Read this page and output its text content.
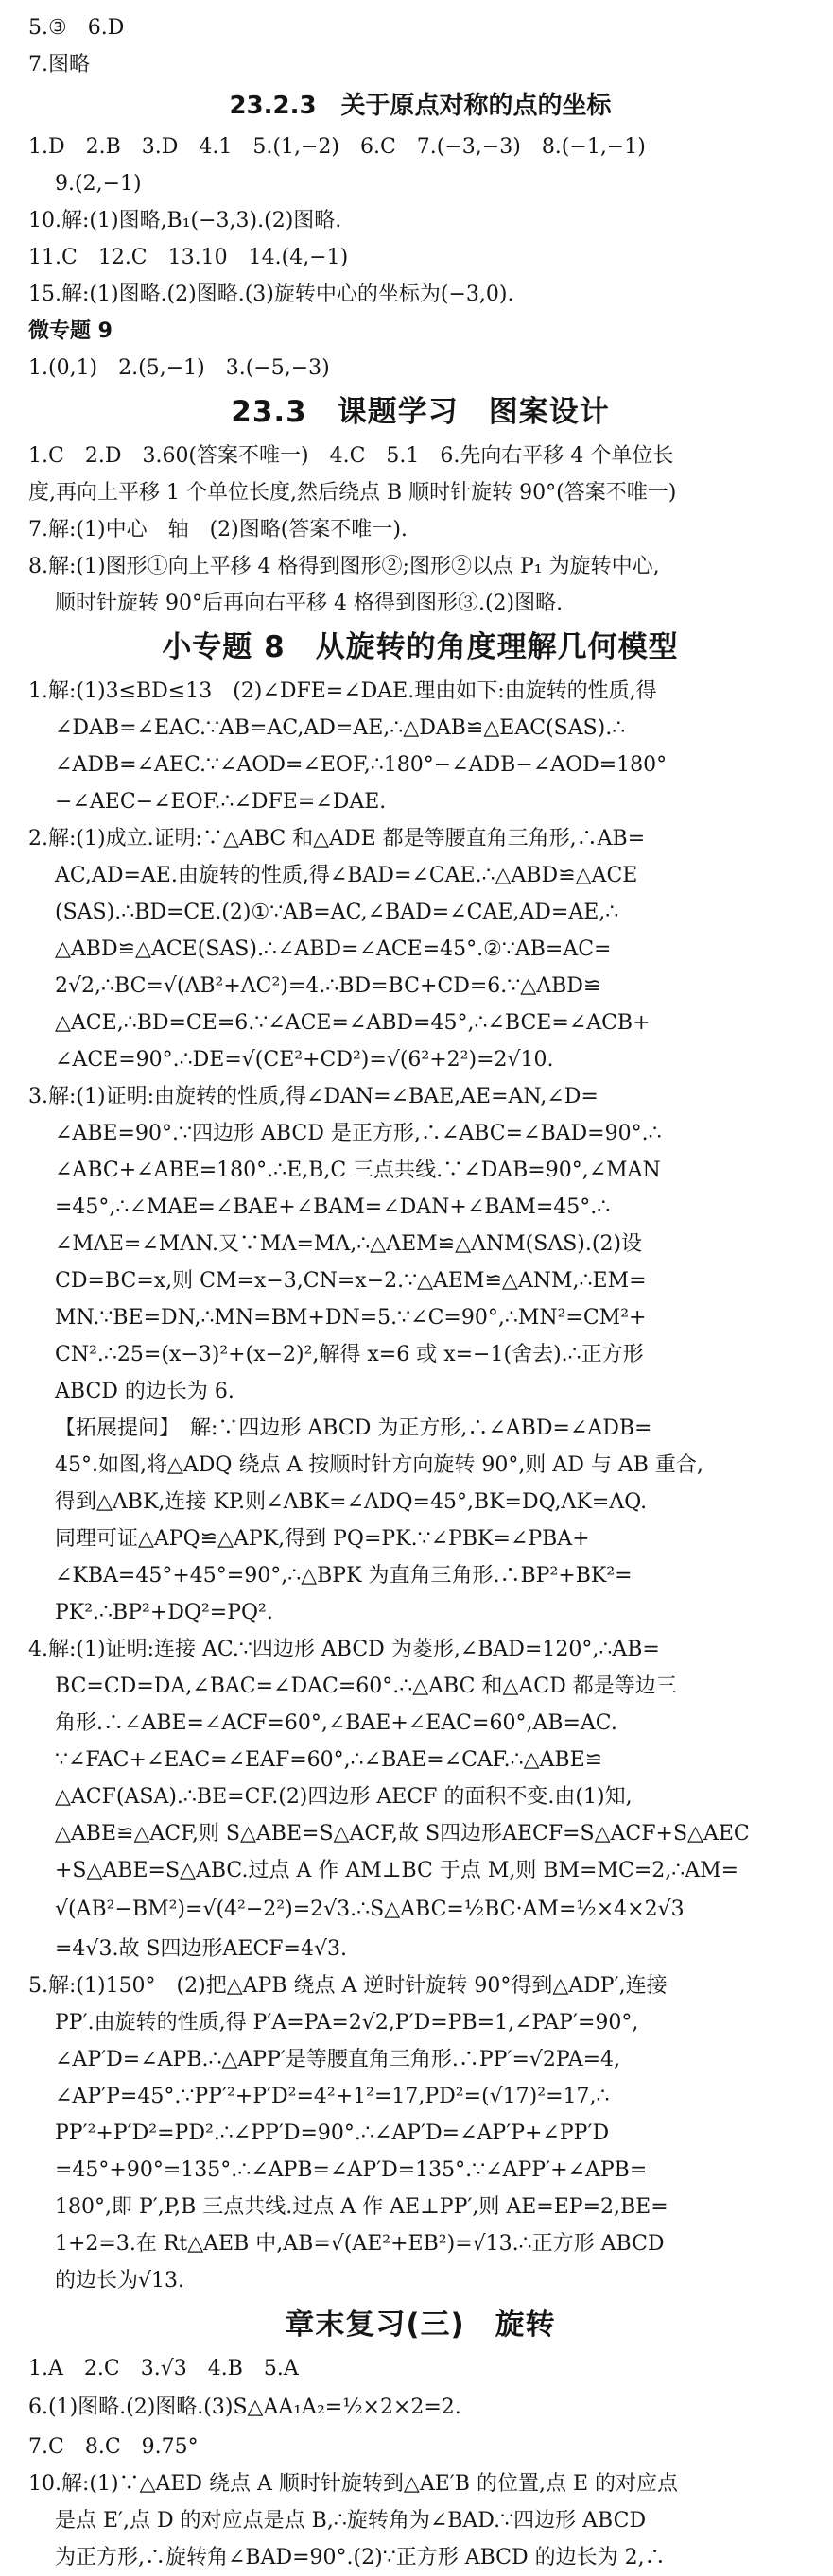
5.③　6.D
7.图略
23.2.3　关于原点对称的点的坐标
1.D　2.B　3.D　4.1　5.(1,−2)　6.C　7.(−3,−3)　8.(−1,−1)
9.(2,−1)
10.解:(1)图略,B₁(−3,3).(2)图略.
11.C　12.C　13.10　14.(4,−1)
15.解:(1)图略.(2)图略.(3)旋转中心的坐标为(−3,0).
微专题 9
1.(0,1)　2.(5,−1)　3.(−5,−3)
23.3　课题学习　图案设计
1.C　2.D　3.60(答案不唯一)　4.C　5.1　6.先向右平移 4 个单位长
度,再向上平移 1 个单位长度,然后绕点 B 顺时针旋转 90°(答案不唯一)
7.解:(1)中心　轴　(2)图略(答案不唯一).
8.解:(1)图形①向上平移 4 格得到图形②;图形②以点 P₁ 为旋转中心,
顺时针旋转 90°后再向右平移 4 格得到图形③.(2)图略.
小专题 8　从旋转的角度理解几何模型
1.解:(1)3≤BD≤13　(2)∠DFE=∠DAE.理由如下:由旋转的性质,得
∠DAB=∠EAC.∵AB=AC,AD=AE,∴△DAB≌△EAC(SAS).∴
∠ADB=∠AEC.∵∠AOD=∠EOF,∴180°−∠ADB−∠AOD=180°
−∠AEC−∠EOF.∴∠DFE=∠DAE.
2.解:(1)成立.证明:∵△ABC 和△ADE 都是等腰直角三角形,∴AB=
AC,AD=AE.由旋转的性质,得∠BAD=∠CAE.∴△ABD≌△ACE
(SAS).∴BD=CE.(2)①∵AB=AC,∠BAD=∠CAE,AD=AE,∴
△ABD≌△ACE(SAS).∴∠ABD=∠ACE=45°.②∵AB=AC=
2√2,∴BC=√(AB²+AC²)=4.∴BD=BC+CD=6.∵△ABD≌
△ACE,∴BD=CE=6.∵∠ACE=∠ABD=45°,∴∠BCE=∠ACB+
∠ACE=90°.∴DE=√(CE²+CD²)=√(6²+2²)=2√10.
3.解:(1)证明:由旋转的性质,得∠DAN=∠BAE,AE=AN,∠D=
∠ABE=90°.∵四边形 ABCD 是正方形,∴∠ABC=∠BAD=90°.∴
∠ABC+∠ABE=180°.∴E,B,C 三点共线.∵∠DAB=90°,∠MAN
=45°,∴∠MAE=∠BAE+∠BAM=∠DAN+∠BAM=45°.∴
∠MAE=∠MAN.又∵MA=MA,∴△AEM≌△ANM(SAS).(2)设
CD=BC=x,则 CM=x−3,CN=x−2.∵△AEM≌△ANM,∴EM=
MN.∵BE=DN,∴MN=BM+DN=5.∵∠C=90°,∴MN²=CM²+
CN².∴25=(x−3)²+(x−2)²,解得 x=6 或 x=−1(舍去).∴正方形
ABCD 的边长为 6.
【拓展提问】　解:∵四边形 ABCD 为正方形,∴∠ABD=∠ADB=
45°.如图,将△ADQ 绕点 A 按顺时针方向旋转 90°,则 AD 与 AB 重合,
得到△ABK,连接 KP.则∠ABK=∠ADQ=45°,BK=DQ,AK=AQ.
同理可证△APQ≌△APK,得到 PQ=PK.∵∠PBK=∠PBA+
∠KBA=45°+45°=90°,∴△BPK 为直角三角形.∴BP²+BK²=
PK².∴BP²+DQ²=PQ².
4.解:(1)证明:连接 AC.∵四边形 ABCD 为菱形,∠BAD=120°,∴AB=
BC=CD=DA,∠BAC=∠DAC=60°.∴△ABC 和△ACD 都是等边三
角形.∴∠ABE=∠ACF=60°,∠BAE+∠EAC=60°,AB=AC.
∵∠FAC+∠EAC=∠EAF=60°,∴∠BAE=∠CAF.∴△ABE≌
△ACF(ASA).∴BE=CF.(2)四边形 AECF 的面积不变.由(1)知,
△ABE≌△ACF,则 S△ABE=S△ACF,故 S四边形AECF=S△ACF+S△AEC
+S△ABE=S△ABC.过点 A 作 AM⊥BC 于点 M,则 BM=MC=2,∴AM=
√(AB²−BM²)=√(4²−2²)=2√3.∴S△ABC=½BC·AM=½×4×2√3
=4√3.故 S四边形AECF=4√3.
5.解:(1)150°　(2)把△APB 绕点 A 逆时针旋转 90°得到△ADP′,连接
PP′.由旋转的性质,得 P′A=PA=2√2,P′D=PB=1,∠PAP′=90°,
∠AP′D=∠APB.∴△APP′是等腰直角三角形.∴PP′=√2PA=4,
∠AP′P=45°.∵PP′²+P′D²=4²+1²=17,PD²=(√17)²=17,∴
PP′²+P′D²=PD².∴∠PP′D=90°.∴∠AP′D=∠AP′P+∠PP′D
=45°+90°=135°.∴∠APB=∠AP′D=135°.∵∠APP′+∠APB=
180°,即 P′,P,B 三点共线.过点 A 作 AE⊥PP′,则 AE=EP=2,BE=
1+2=3.在 Rt△AEB 中,AB=√(AE²+EB²)=√13.∴正方形 ABCD
的边长为√13.
章末复习(三)　旋转
1.A　2.C　3.√3　4.B　5.A
6.(1)图略.(2)图略.(3)S△AA₁A₂=½×2×2=2.
7.C　8.C　9.75°
10.解:(1)∵△AED 绕点 A 顺时针旋转到△AE′B 的位置,点 E 的对应点
是点 E′,点 D 的对应点是点 B,∴旋转角为∠BAD.∵四边形 ABCD
为正方形,∴旋转角∠BAD=90°.(2)∵正方形 ABCD 的边长为 2,∴
